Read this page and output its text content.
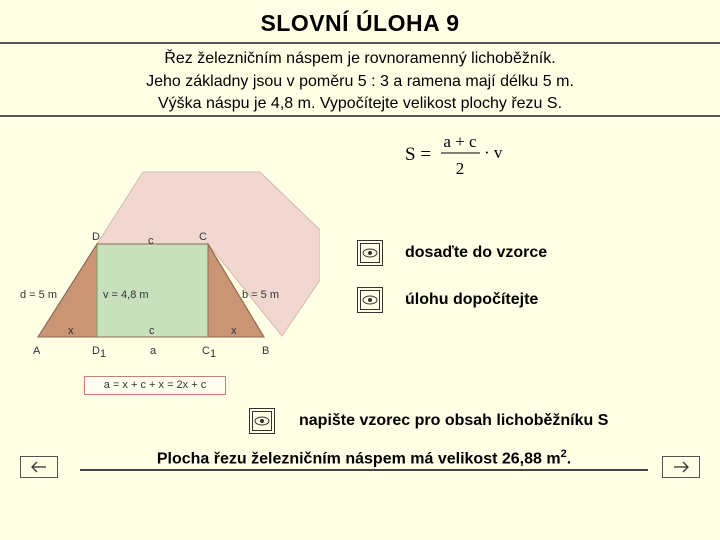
SLOVNÍ ÚLOHA 9
Řez železničním náspem je rovnoramenný lichoběžník.
Jeho základny jsou v poměru 5 : 3 a ramena mají délku 5 m.
Výška náspu je 4,8 m. Vypočítejte velikost plochy řezu S.
S =
a + c
2
· v
D	c	C
d = 5 m	v = 4,8 m	b = 5 m
x	c	x
A	D 1	a	C 1	B
a = x + c + x = 2x + c
dosaďte do vzorce
úlohu dopočítejte
napište vzorec pro obsah lichoběžníku S
Plocha řezu železničním náspem má velikost 26,88 $m^2$.
